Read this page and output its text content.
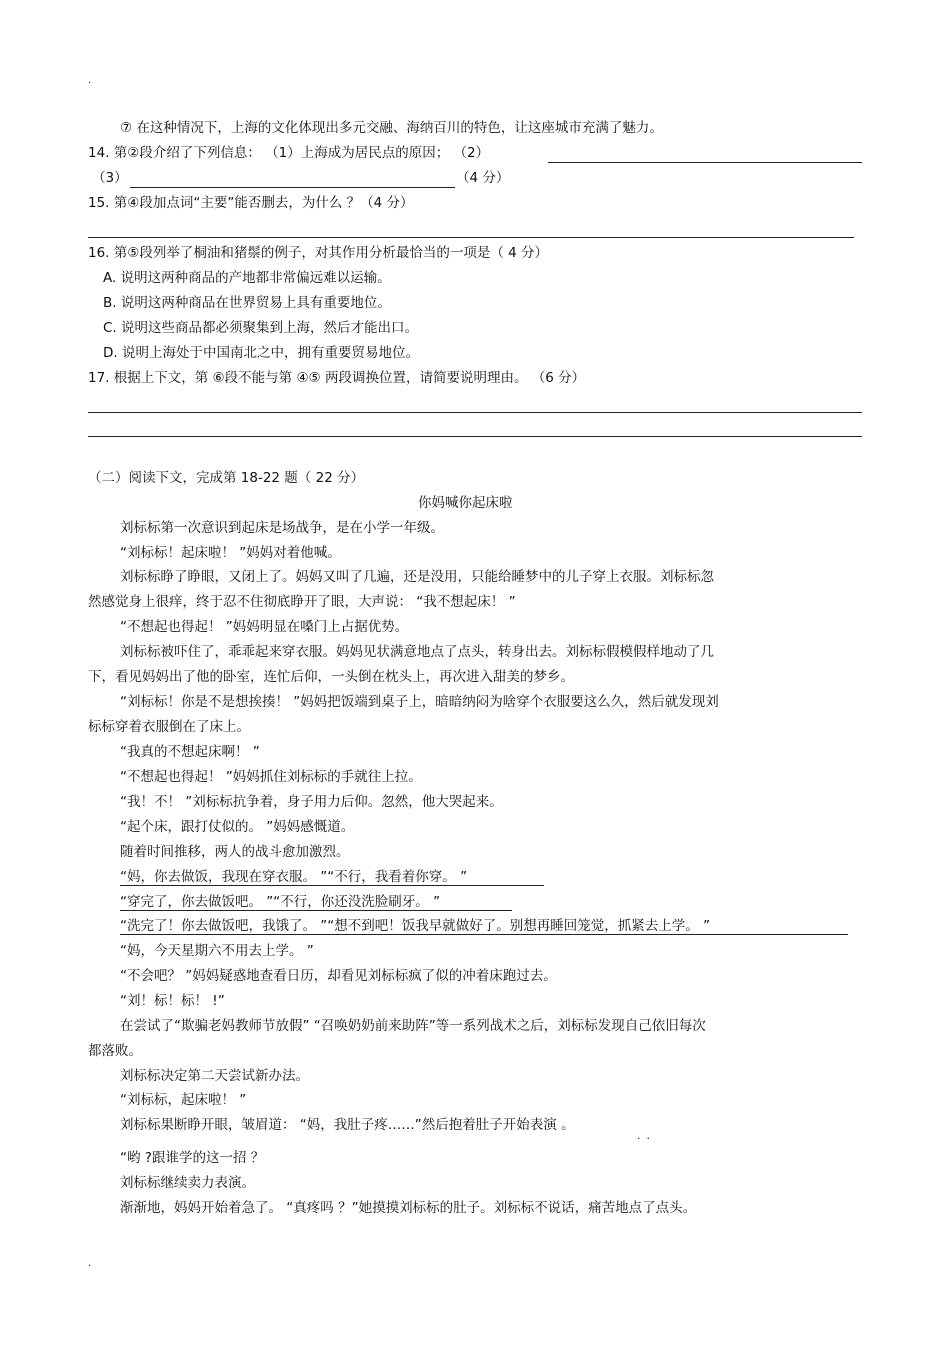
.
⑦ 在这种情况下，上海的文化体现出多元交融、海纳百川的特色，让这座城市充满了魅力。
14. 第②段介绍了下列信息： （1）上海成为居民点的原因； （2）
（3）	（4 分）
15. 第④段加点词“主要”能否删去，为什么 ？（4 分）
16. 第⑤段列举了桐油和猪鬃的例子，对其作用分析最恰当的一项是（ 4 分）
A. 说明这两种商品的产地都非常偏远难以运输。
B. 说明这两种商品在世界贸易上具有重要地位。
C. 说明这些商品都必须聚集到上海，然后才能出口。
D. 说明上海处于中国南北之中，拥有重要贸易地位。
17. 根据上下文，第 ⑥段不能与第 ④⑤ 两段调换位置，请简要说明理由。 （6 分）
（二）阅读下文，完成第 18-22 题（ 22 分）
你妈喊你起床啦
刘标标第一次意识到起床是场战争，是在小学一年级。
“刘标标！起床啦！ ”妈妈对着他喊。
刘标标睁了睁眼，又闭上了。妈妈又叫了几遍，还是没用，只能给睡梦中的儿子穿上衣服。刘标标忽
然感觉身上很痒，终于忍不住彻底睁开了眼，大声说： “我不想起床！ ”
“不想起也得起！ ”妈妈明显在嗓门上占据优势。
刘标标被吓住了，乖乖起来穿衣服。妈妈见状满意地点了点头，转身出去。刘标标假模假样地动了几
下，看见妈妈出了他的卧室，连忙后仰，一头倒在枕头上，再次进入甜美的梦乡。
“刘标标！你是不是想挨揍！ ”妈妈把饭端到桌子上，暗暗纳闷为啥穿个衣服要这么久，然后就发现刘
标标穿着衣服倒在了床上。
“我真的不想起床啊！ ”
“不想起也得起！ ”妈妈抓住刘标标的手就往上拉。
“我！不！ ”刘标标抗争着，身子用力后仰。忽然，他大哭起来。
“起个床，跟打仗似的。 ”妈妈感慨道。
随着时间推移，两人的战斗愈加激烈。
“妈，你去做饭，我现在穿衣服。 ”“不行，我看着你穿。 ”
“穿完了，你去做饭吧。 ”“不行，你还没洗脸刷牙。 ”
“洗完了！你去做饭吧，我饿了。 ”“想不到吧！饭我早就做好了。别想再睡回笼觉，抓紧去上学。 ”
“妈，今天星期六不用去上学。 ”
“不会吧？ ”妈妈疑惑地查看日历，却看见刘标标疯了似的冲着床跑过去。
“刘！标！标！ !”
在尝试了“欺骗老妈教师节放假” “召唤奶奶前来助阵”等一系列战术之后，刘标标发现自己依旧每次
都落败。
刘标标决定第二天尝试新办法。
“刘标标，起床啦！ ”
刘标标果断睁开眼，皱眉道： “妈，我肚子疼……”然后抱着肚子开始表演 。
..
“哟 ?跟谁学的这一招 ？
刘标标继续卖力表演。
渐渐地，妈妈开始着急了。 “真疼吗 ？”她摸摸刘标标的肚子。刘标标不说话，痛苦地点了点头。
.
